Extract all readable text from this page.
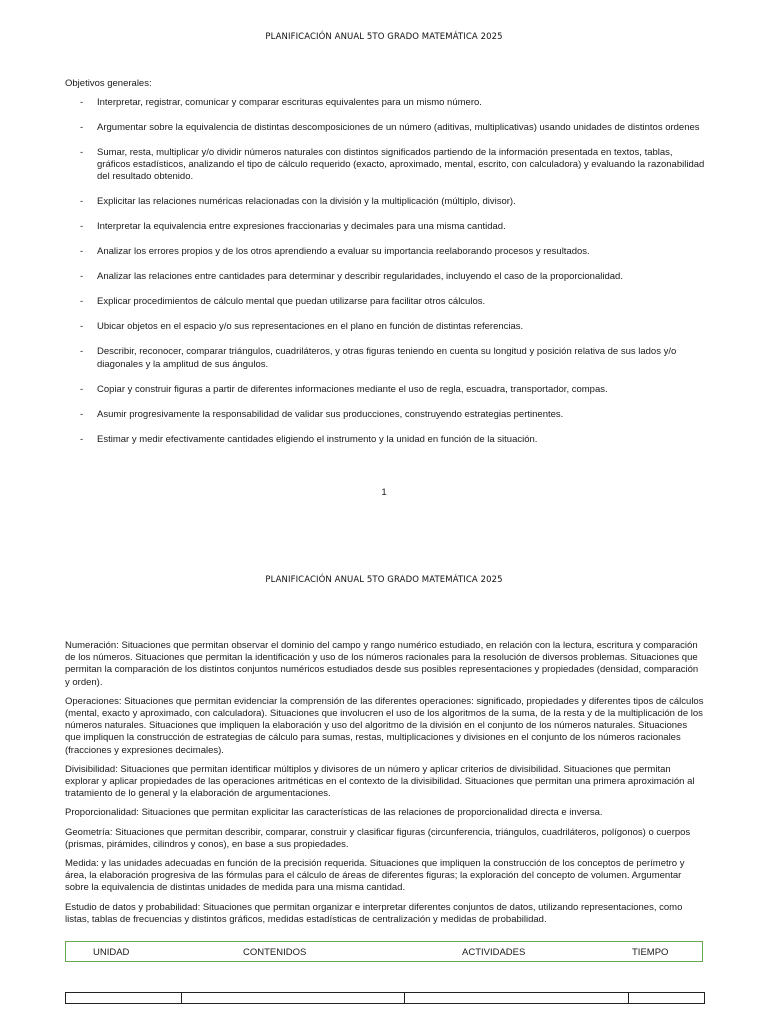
PLANIFICACIÓN ANUAL 5TO GRADO MATEMÁTICA 2025
Objetivos generales:
- Interpretar, registrar, comunicar y comparar escrituras equivalentes para un mismo número.
- Argumentar sobre la equivalencia de distintas descomposiciones de un número (aditivas, multiplicativas) usando unidades de distintos ordenes
- Sumar, resta, multiplicar y/o dividir números naturales con distintos significados partiendo de la información presentada en textos, tablas, gráficos estadísticos, analizando el tipo de cálculo requerido (exacto, aproximado, mental, escrito, con calculadora) y evaluando la razonabilidad del resultado obtenido.
- Explicitar las relaciones numéricas relacionadas con la división y la multiplicación (múltiplo, divisor).
- Interpretar la equivalencia entre expresiones fraccionarias y decimales para una misma cantidad.
- Analizar los errores propios y de los otros aprendiendo a evaluar su importancia reelaborando procesos y resultados.
- Analizar las relaciones entre cantidades para determinar y describir regularidades, incluyendo el caso de la proporcionalidad.
- Explicar procedimientos de cálculo mental que puedan utilizarse para facilitar otros cálculos.
- Ubicar objetos en el espacio y/o sus representaciones en el plano en función de distintas referencias.
- Describir, reconocer, comparar triángulos, cuadriláteros, y otras figuras teniendo en cuenta su longitud y posición relativa de sus lados y/o diagonales y la amplitud de sus ángulos.
- Copiar y construir figuras a partir de diferentes informaciones mediante el uso de regla, escuadra, transportador, compas.
- Asumir progresivamente la responsabilidad de validar sus producciones, construyendo estrategias pertinentes.
- Estimar y medir efectivamente cantidades eligiendo el instrumento y la unidad en función de la situación.
1
PLANIFICACIÓN ANUAL 5TO GRADO MATEMÁTICA 2025

Numeración: Situaciones que permitan observar el dominio del campo y rango numérico estudiado, en relación con la lectura, escritura y comparación de los números. Situaciones que permitan la identificación y uso de los números racionales para la resolución de diversos problemas. Situaciones que permitan la comparación de los distintos conjuntos numéricos estudiados desde sus posibles representaciones y propiedades (densidad, comparación y orden).

Operaciones: Situaciones que permitan evidenciar la comprensión de las diferentes operaciones: significado, propiedades y diferentes tipos de cálculos (mental, exacto y aproximado, con calculadora). Situaciones que involucren el uso de los algoritmos de la suma, de la resta y de la multiplicación de los números naturales. Situaciones que impliquen la elaboración y uso del algoritmo de la división en el conjunto de los números naturales. Situaciones que impliquen la construcción de estrategias de cálculo para sumas, restas, multiplicaciones y divisiones en el conjunto de los números racionales (fracciones y expresiones decimales).

Divisibilidad: Situaciones que permitan identificar múltiplos y divisores de un número y aplicar criterios de divisibilidad. Situaciones que permitan explorar y aplicar propiedades de las operaciones aritméticas en el contexto de la divisibilidad. Situaciones que permitan una primera aproximación al tratamiento de lo general y la elaboración de argumentaciones.

Proporcionalidad: Situaciones que permitan explicitar las características de las relaciones de proporcionalidad directa e inversa.

Geometría: Situaciones que permitan describir, comparar, construir y clasificar figuras (circunferencia, triángulos, cuadriláteros, polígonos) o cuerpos (prismas, pirámides, cilindros y conos), en base a sus propiedades.

Medida: y las unidades adecuadas en función de la precisión requerida. Situaciones que impliquen la construcción de los conceptos de perímetro y área, la elaboración progresiva de las fórmulas para el cálculo de áreas de diferentes figuras; la exploración del concepto de volumen. Argumentar sobre la equivalencia de distintas unidades de medida para una misma cantidad.

Estudio de datos y probabilidad: Situaciones que permitan organizar e interpretar diferentes conjuntos de datos, utilizando representaciones, como listas, tablas de frecuencias y distintos gráficos, medidas estadísticas de centralización y medidas de probabilidad.

UNIDAD	CONTENIDOS	ACTIVIDADES	TIEMPO
